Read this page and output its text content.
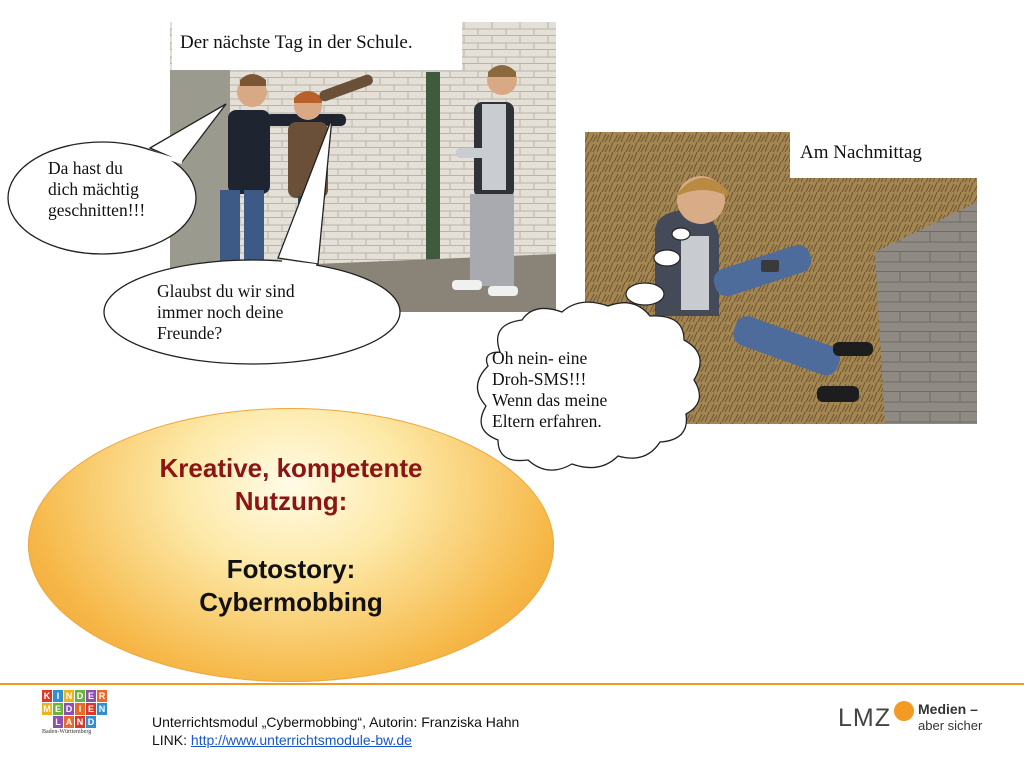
Der nächste Tag in der Schule.
Am Nachmittag
Da hast du
dich mächtig
geschnitten!!!
Glaubst du wir sind
immer noch deine
Freunde?
Oh nein- eine
Droh-SMS!!!
Wenn das meine
Eltern erfahren.
Kreative, kompetente
Nutzung:
Fotostory:
Cybermobbing
K I N D E R
M E D I E N
L A N D
Baden-Württemberg
Unterrichtsmodul „Cybermobbing“, Autorin: Franziska Hahn
LINK: http://www.unterrichtsmodule-bw.de
LMZ Medien –
aber sicher
